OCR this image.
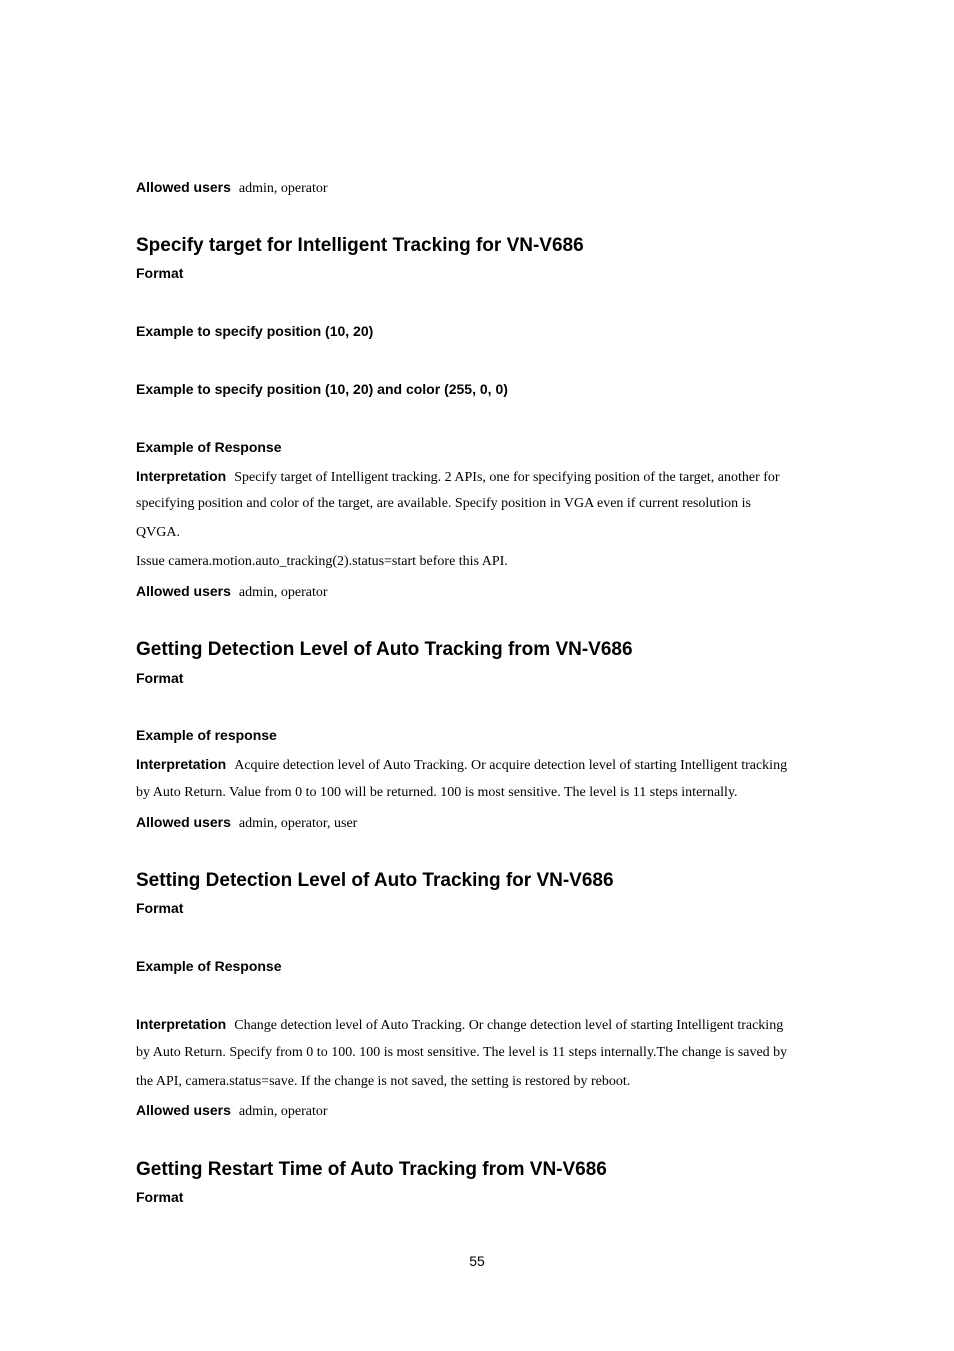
Allowed users admin, operator
Specify target for Intelligent Tracking for VN-V686
Format
Example to specify position (10, 20)
Example to specify position (10, 20) and color (255, 0, 0)
Example of Response
Interpretation Specify target of Intelligent tracking. 2 APIs, one for specifying position of the target, another for
specifying position and color of the target, are available. Specify position in VGA even if current resolution is
QVGA.
Issue camera.motion.auto_tracking(2).status=start before this API.
Allowed users admin, operator
Getting Detection Level of Auto Tracking from VN-V686
Format
Example of response
Interpretation Acquire detection level of Auto Tracking. Or acquire detection level of starting Intelligent tracking
by Auto Return. Value from 0 to 100 will be returned. 100 is most sensitive. The level is 11 steps internally.
Allowed users admin, operator, user
Setting Detection Level of Auto Tracking for VN-V686
Format
Example of Response
Interpretation Change detection level of Auto Tracking. Or change detection level of starting Intelligent tracking
by Auto Return. Specify from 0 to 100. 100 is most sensitive. The level is 11 steps internally.The change is saved by
the API, camera.status=save. If the change is not saved, the setting is restored by reboot.
Allowed users admin, operator
Getting Restart Time of Auto Tracking from VN-V686
Format
55
